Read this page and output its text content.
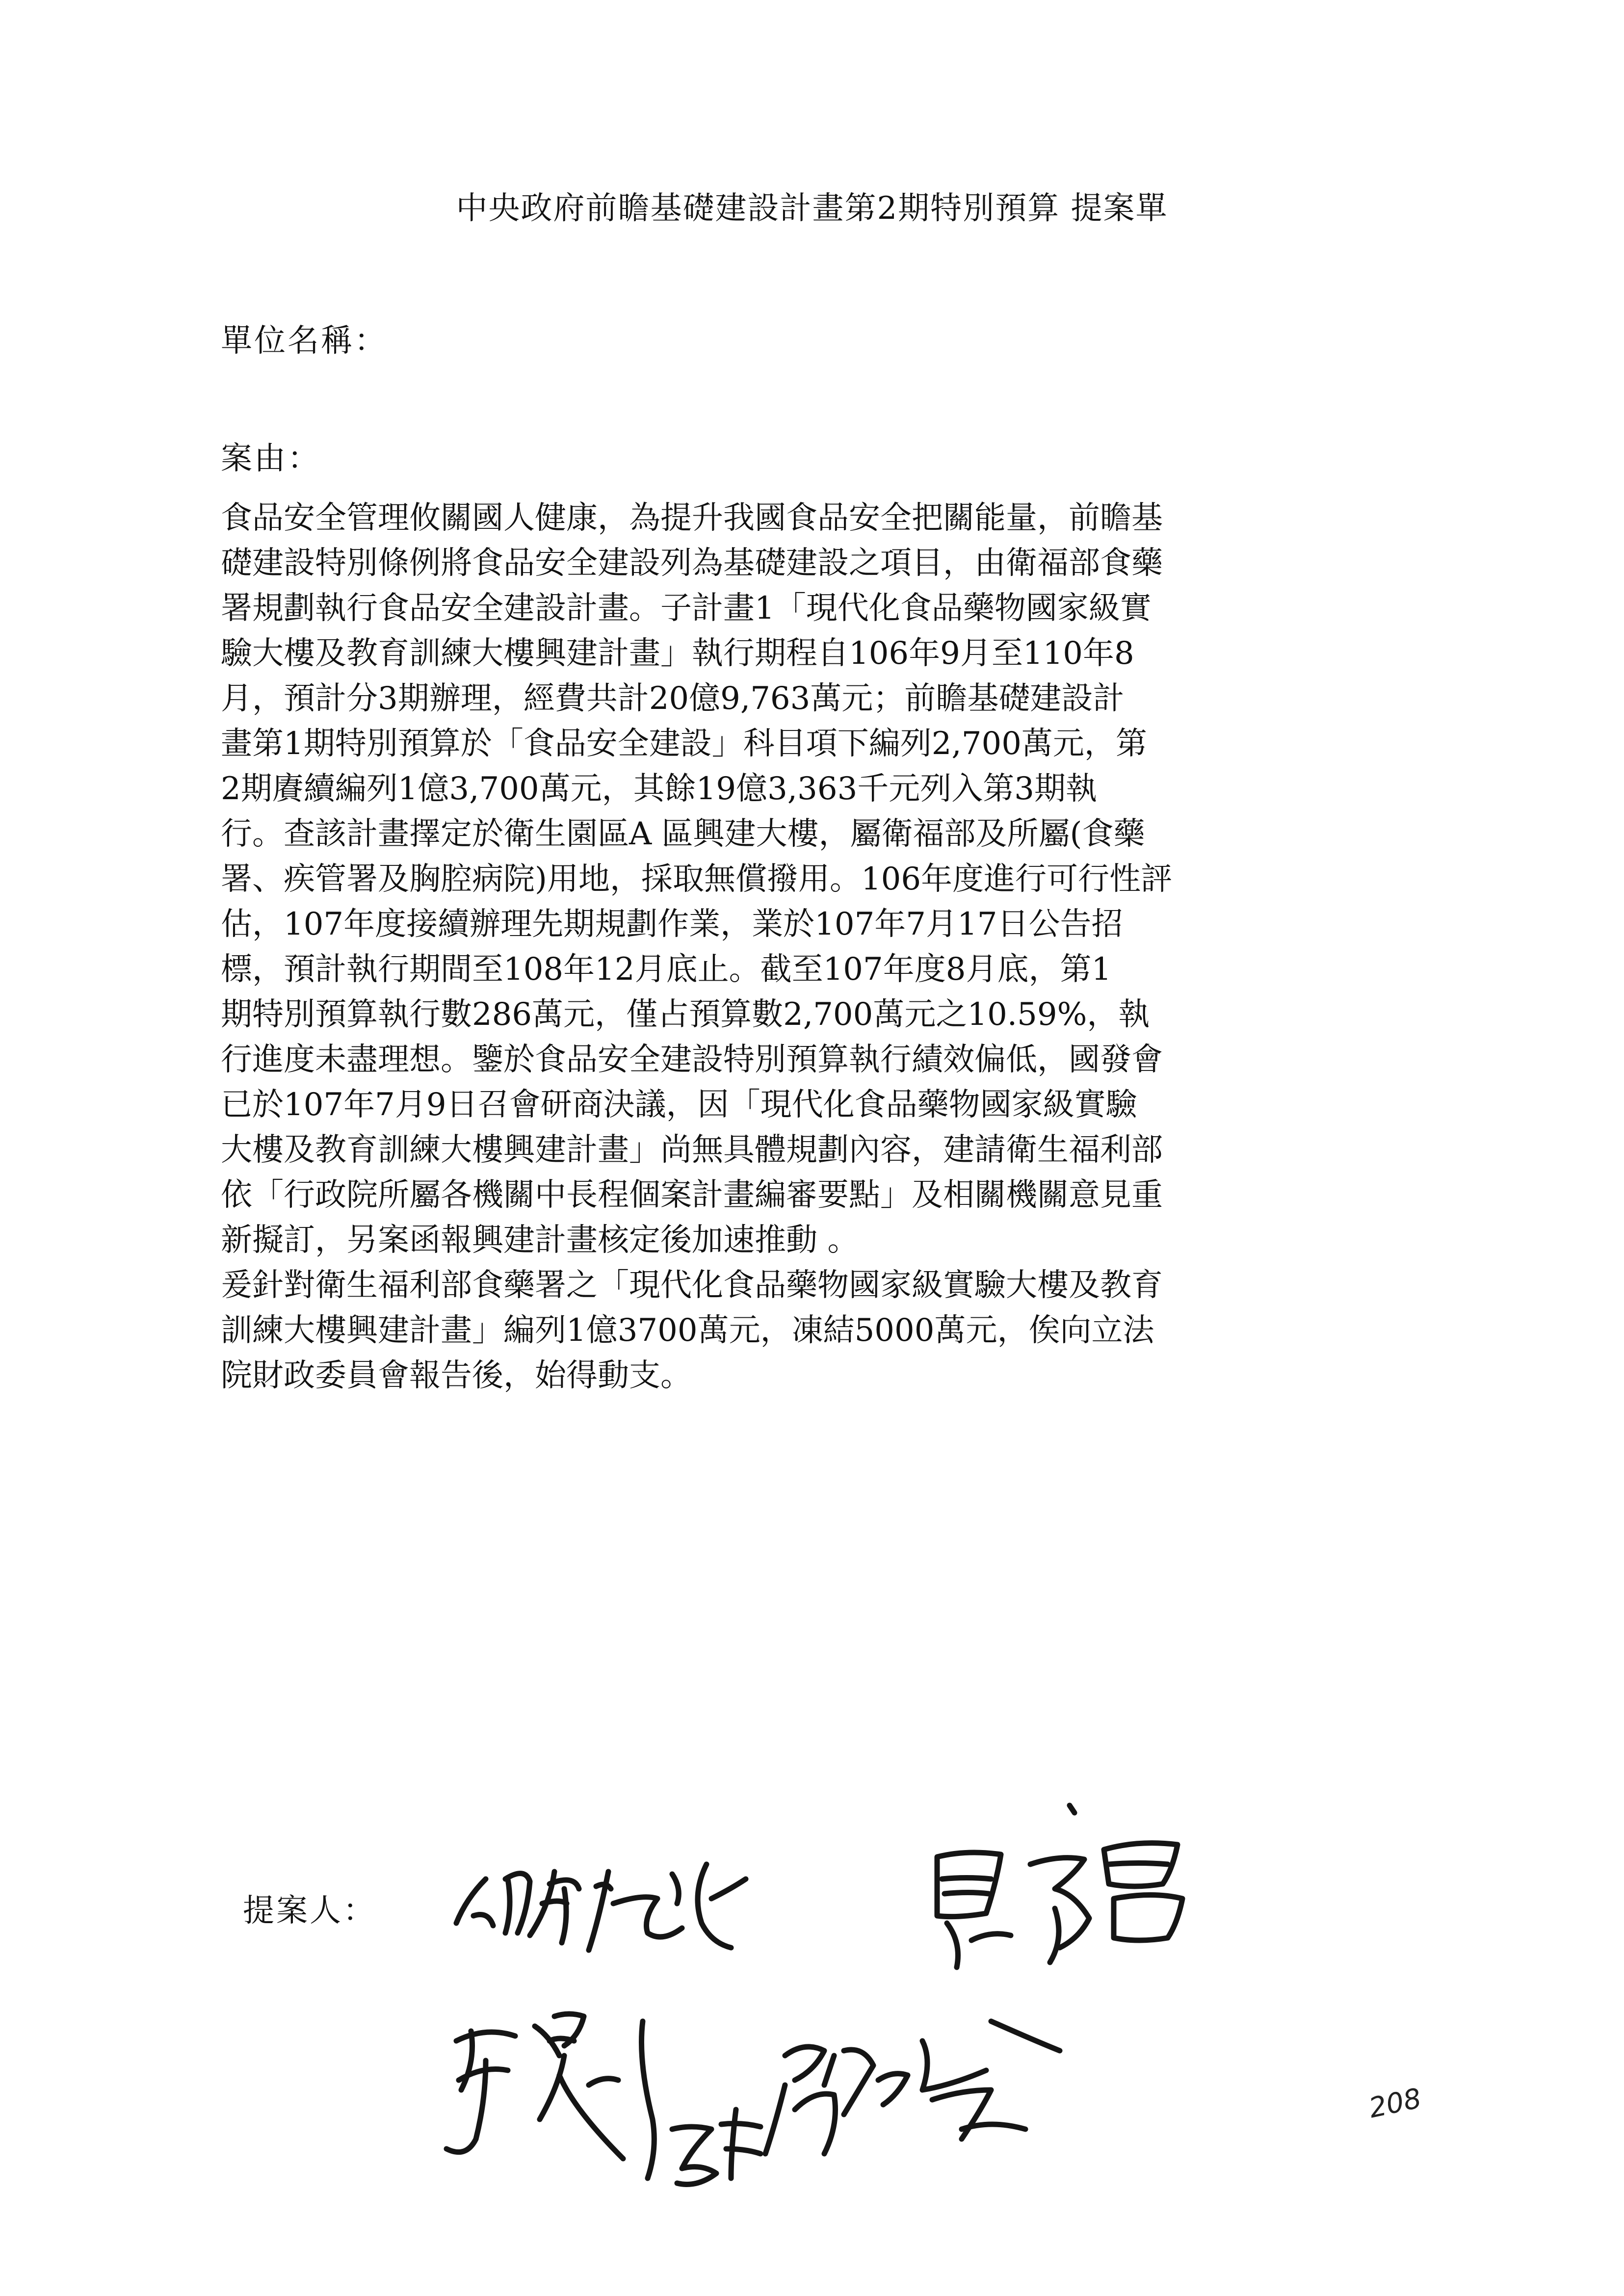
中央政府前瞻基礎建設計畫第2期特別預算 提案單
單位名稱：
案由：
食品安全管理攸關國人健康，為提升我國食品安全把關能量，前瞻基
礎建設特別條例將食品安全建設列為基礎建設之項目，由衛福部食藥
署規劃執行食品安全建設計畫。子計畫1「現代化食品藥物國家級實
驗大樓及教育訓練大樓興建計畫」執行期程自106年9月至110年8
月，預計分3期辦理，經費共計20億9,763萬元；前瞻基礎建設計
畫第1期特別預算於「食品安全建設」科目項下編列2,700萬元，第
2期賡續編列1億3,700萬元，其餘19億3,363千元列入第3期執
行。查該計畫擇定於衛生園區A 區興建大樓，屬衛福部及所屬(食藥
署、疾管署及胸腔病院)用地，採取無償撥用。106年度進行可行性評
估，107年度接續辦理先期規劃作業，業於107年7月17日公告招
標，預計執行期間至108年12月底止。截至107年度8月底，第1
期特別預算執行數286萬元，僅占預算數2,700萬元之10.59%，執
行進度未盡理想。鑒於食品安全建設特別預算執行績效偏低，國發會
已於107年7月9日召會研商決議，因「現代化食品藥物國家級實驗
大樓及教育訓練大樓興建計畫」尚無具體規劃內容，建請衛生福利部
依「行政院所屬各機關中長程個案計畫編審要點」及相關機關意見重
新擬訂，另案函報興建計畫核定後加速推動 。
爰針對衛生福利部食藥署之「現代化食品藥物國家級實驗大樓及教育
訓練大樓興建計畫」編列1億3700萬元，凍結5000萬元，俟向立法
院財政委員會報告後，始得動支。
提案人：
208
